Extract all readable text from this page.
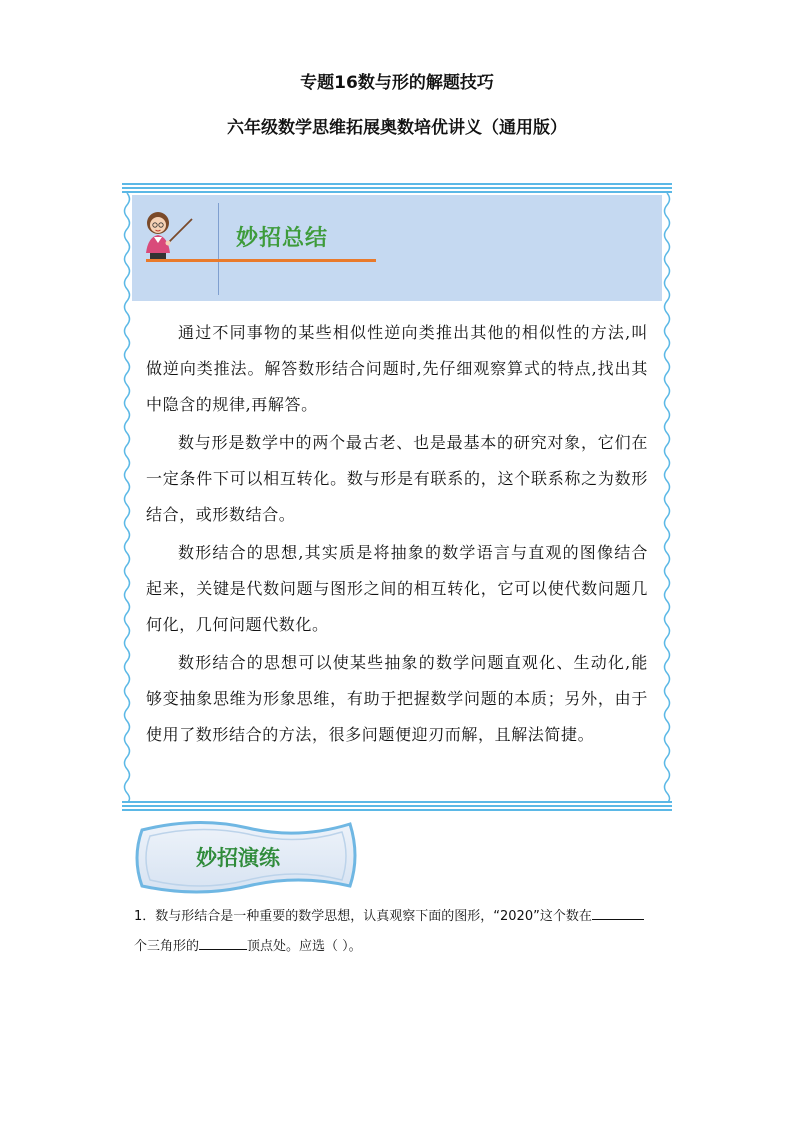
专题16数与形的解题技巧
六年级数学思维拓展奥数培优讲义（通用版）
妙招总结

通过不同事物的某些相似性逆向类推出其他的相似性的方法,叫做逆向类推法。解答数形结合问题时,先仔细观察算式的特点,找出其中隐含的规律,再解答。

数与形是数学中的两个最古老、也是最基本的研究对象，它们在一定条件下可以相互转化。数与形是有联系的，这个联系称之为数形结合，或形数结合。

数形结合的思想,其实质是将抽象的数学语言与直观的图像结合起来，关键是代数问题与图形之间的相互转化，它可以使代数问题几何化，几何问题代数化。

数形结合的思想可以使某些抽象的数学问题直观化、生动化,能够变抽象思维为形象思维，有助于把握数学问题的本质；另外，由于使用了数形结合的方法，很多问题便迎刃而解，且解法简捷。

妙招演练
1．数与形结合是一种重要的数学思想，认真观察下面的图形，“2020”这个数在
个三角形的	顶点处。应选（ ）。
